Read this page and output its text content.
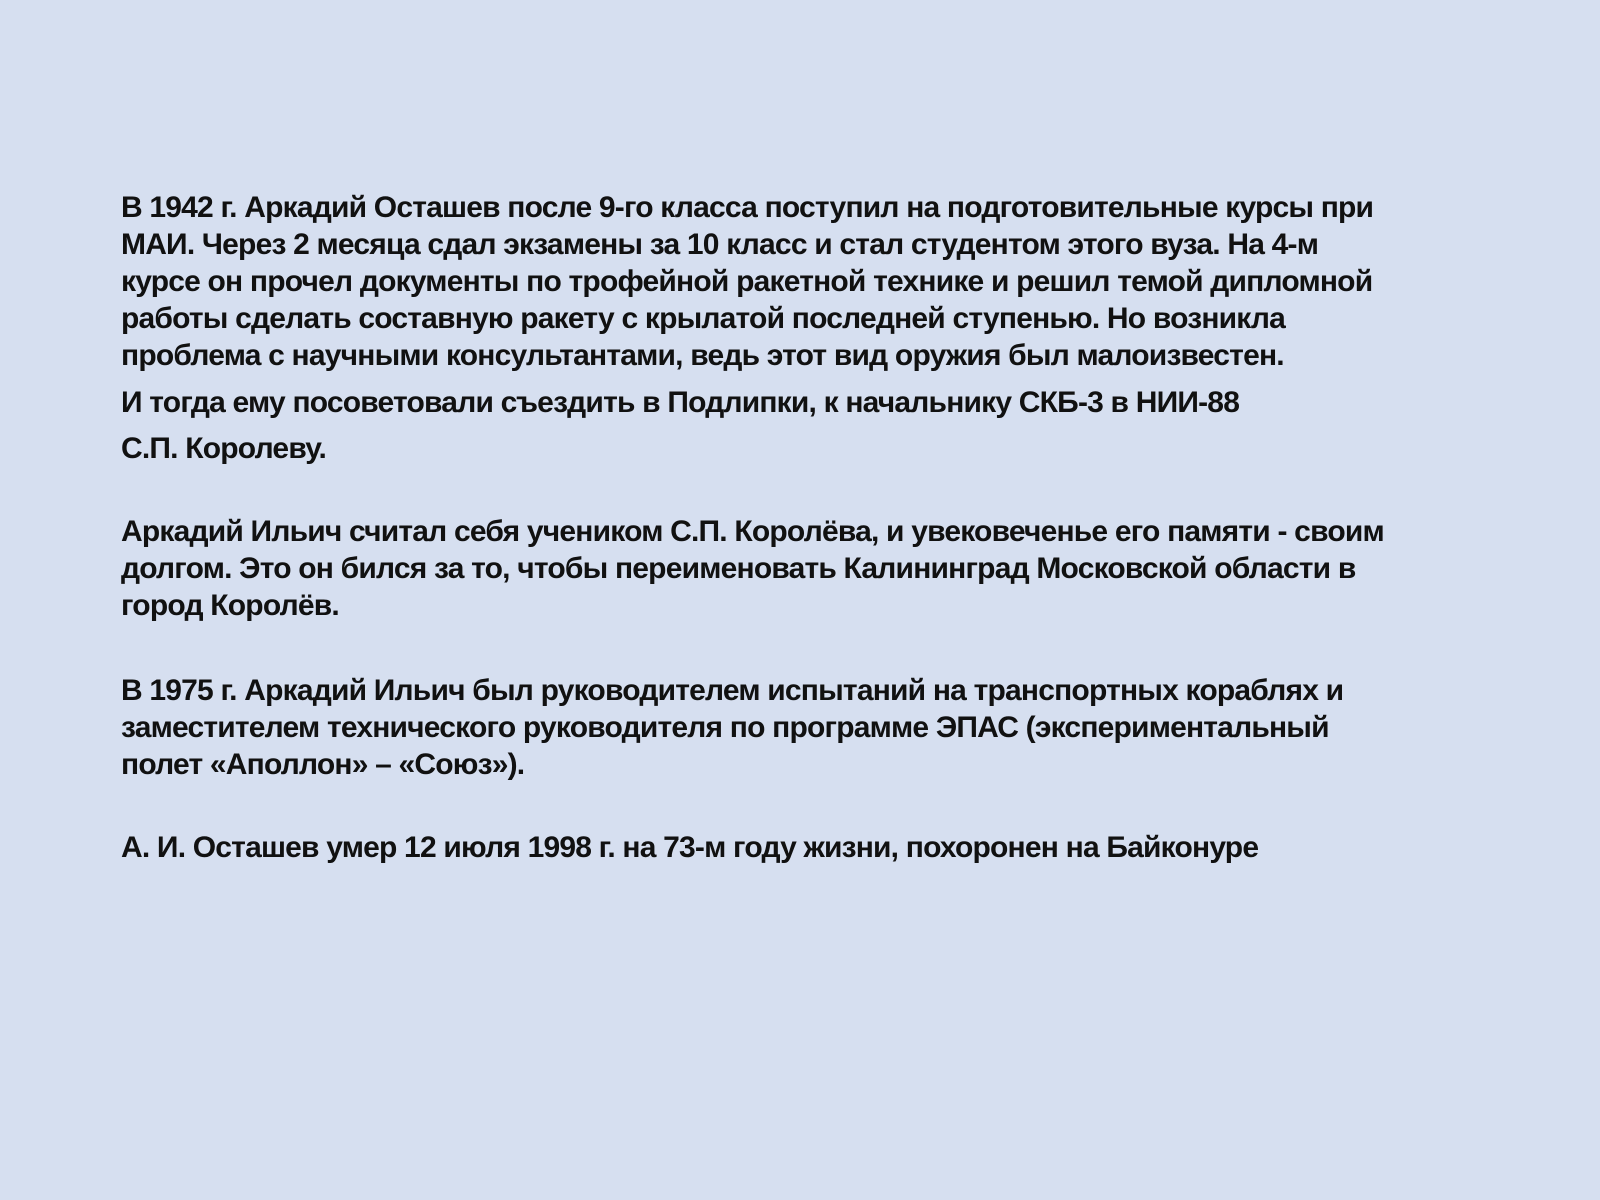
В 1942 г. Аркадий Осташев после 9-го класса поступил на подготовительные курсы при
МАИ. Через 2 месяца сдал экзамены за 10 класс и стал студентом этого вуза. На 4-м
курсе он прочел документы по трофейной ракетной технике и решил темой дипломной
работы сделать составную ракету с крылатой последней ступенью. Но возникла
проблема с научными консультантами, ведь этот вид оружия был малоизвестен.

И тогда ему посоветовали съездить в Подлипки, к начальнику СКБ-3 в НИИ-88

С.П. Королеву.

Аркадий Ильич считал себя учеником С.П. Королёва, и увековеченье его памяти - своим
долгом. Это он бился за то, чтобы переименовать Калининград Московской области в
город Королёв.

В 1975 г. Аркадий Ильич был руководителем испытаний на транспортных кораблях и
заместителем технического руководителя по программе ЭПАС (экспериментальный
полет «Аполлон» – «Союз»).

А. И. Осташев умер 12 июля 1998 г. на 73-м году жизни, похоронен на Байконуре
